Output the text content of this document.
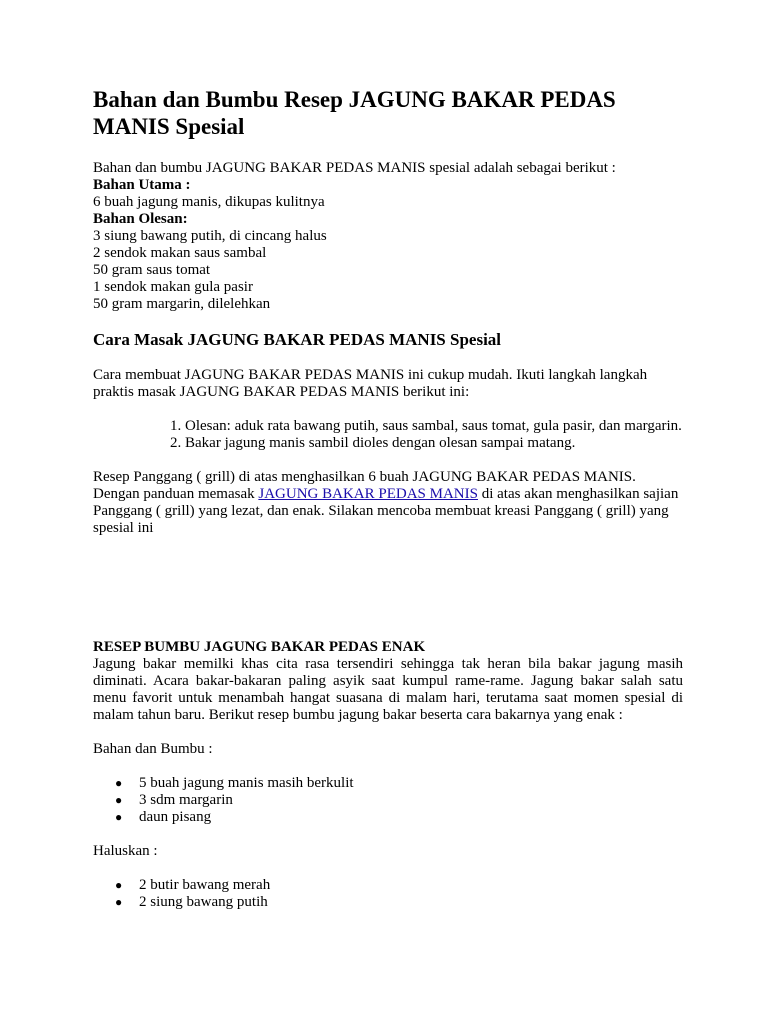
Bahan dan Bumbu Resep JAGUNG BAKAR PEDAS MANIS Spesial

Bahan dan bumbu JAGUNG BAKAR PEDAS MANIS spesial adalah sebagai berikut :

Bahan Utama :

6 buah jagung manis, dikupas kulitnya

Bahan Olesan:

3 siung bawang putih, di cincang halus

2 sendok makan saus sambal

50 gram saus tomat

1 sendok makan gula pasir

50 gram margarin, dilelehkan

Cara Masak JAGUNG BAKAR PEDAS MANIS Spesial

Cara membuat JAGUNG BAKAR PEDAS MANIS ini cukup mudah. Ikuti langkah langkah praktis masak JAGUNG BAKAR PEDAS MANIS berikut ini:

1. Olesan: aduk rata bawang putih, saus sambal, saus tomat, gula pasir, dan margarin.
2. Bakar jagung manis sambil dioles dengan olesan sampai matang.

Resep Panggang ( grill) di atas menghasilkan 6 buah JAGUNG BAKAR PEDAS MANIS.

Dengan panduan memasak JAGUNG BAKAR PEDAS MANIS di atas akan menghasilkan sajian Panggang ( grill) yang lezat, dan enak. Silakan mencoba membuat kreasi Panggang ( grill) yang spesial ini

RESEP BUMBU JAGUNG BAKAR PEDAS ENAK

Jagung bakar memilki khas cita rasa tersendiri sehingga tak heran bila bakar jagung masih diminati. Acara bakar-bakaran paling asyik saat kumpul rame-rame. Jagung bakar salah satu menu favorit untuk menambah hangat suasana di malam hari, terutama saat momen spesial di malam tahun baru. Berikut resep bumbu jagung bakar beserta cara bakarnya yang enak :

Bahan dan Bumbu :

● 5 buah jagung manis masih berkulit
● 3 sdm margarin
● daun pisang

Haluskan :

● 2 butir bawang merah
● 2 siung bawang putih
